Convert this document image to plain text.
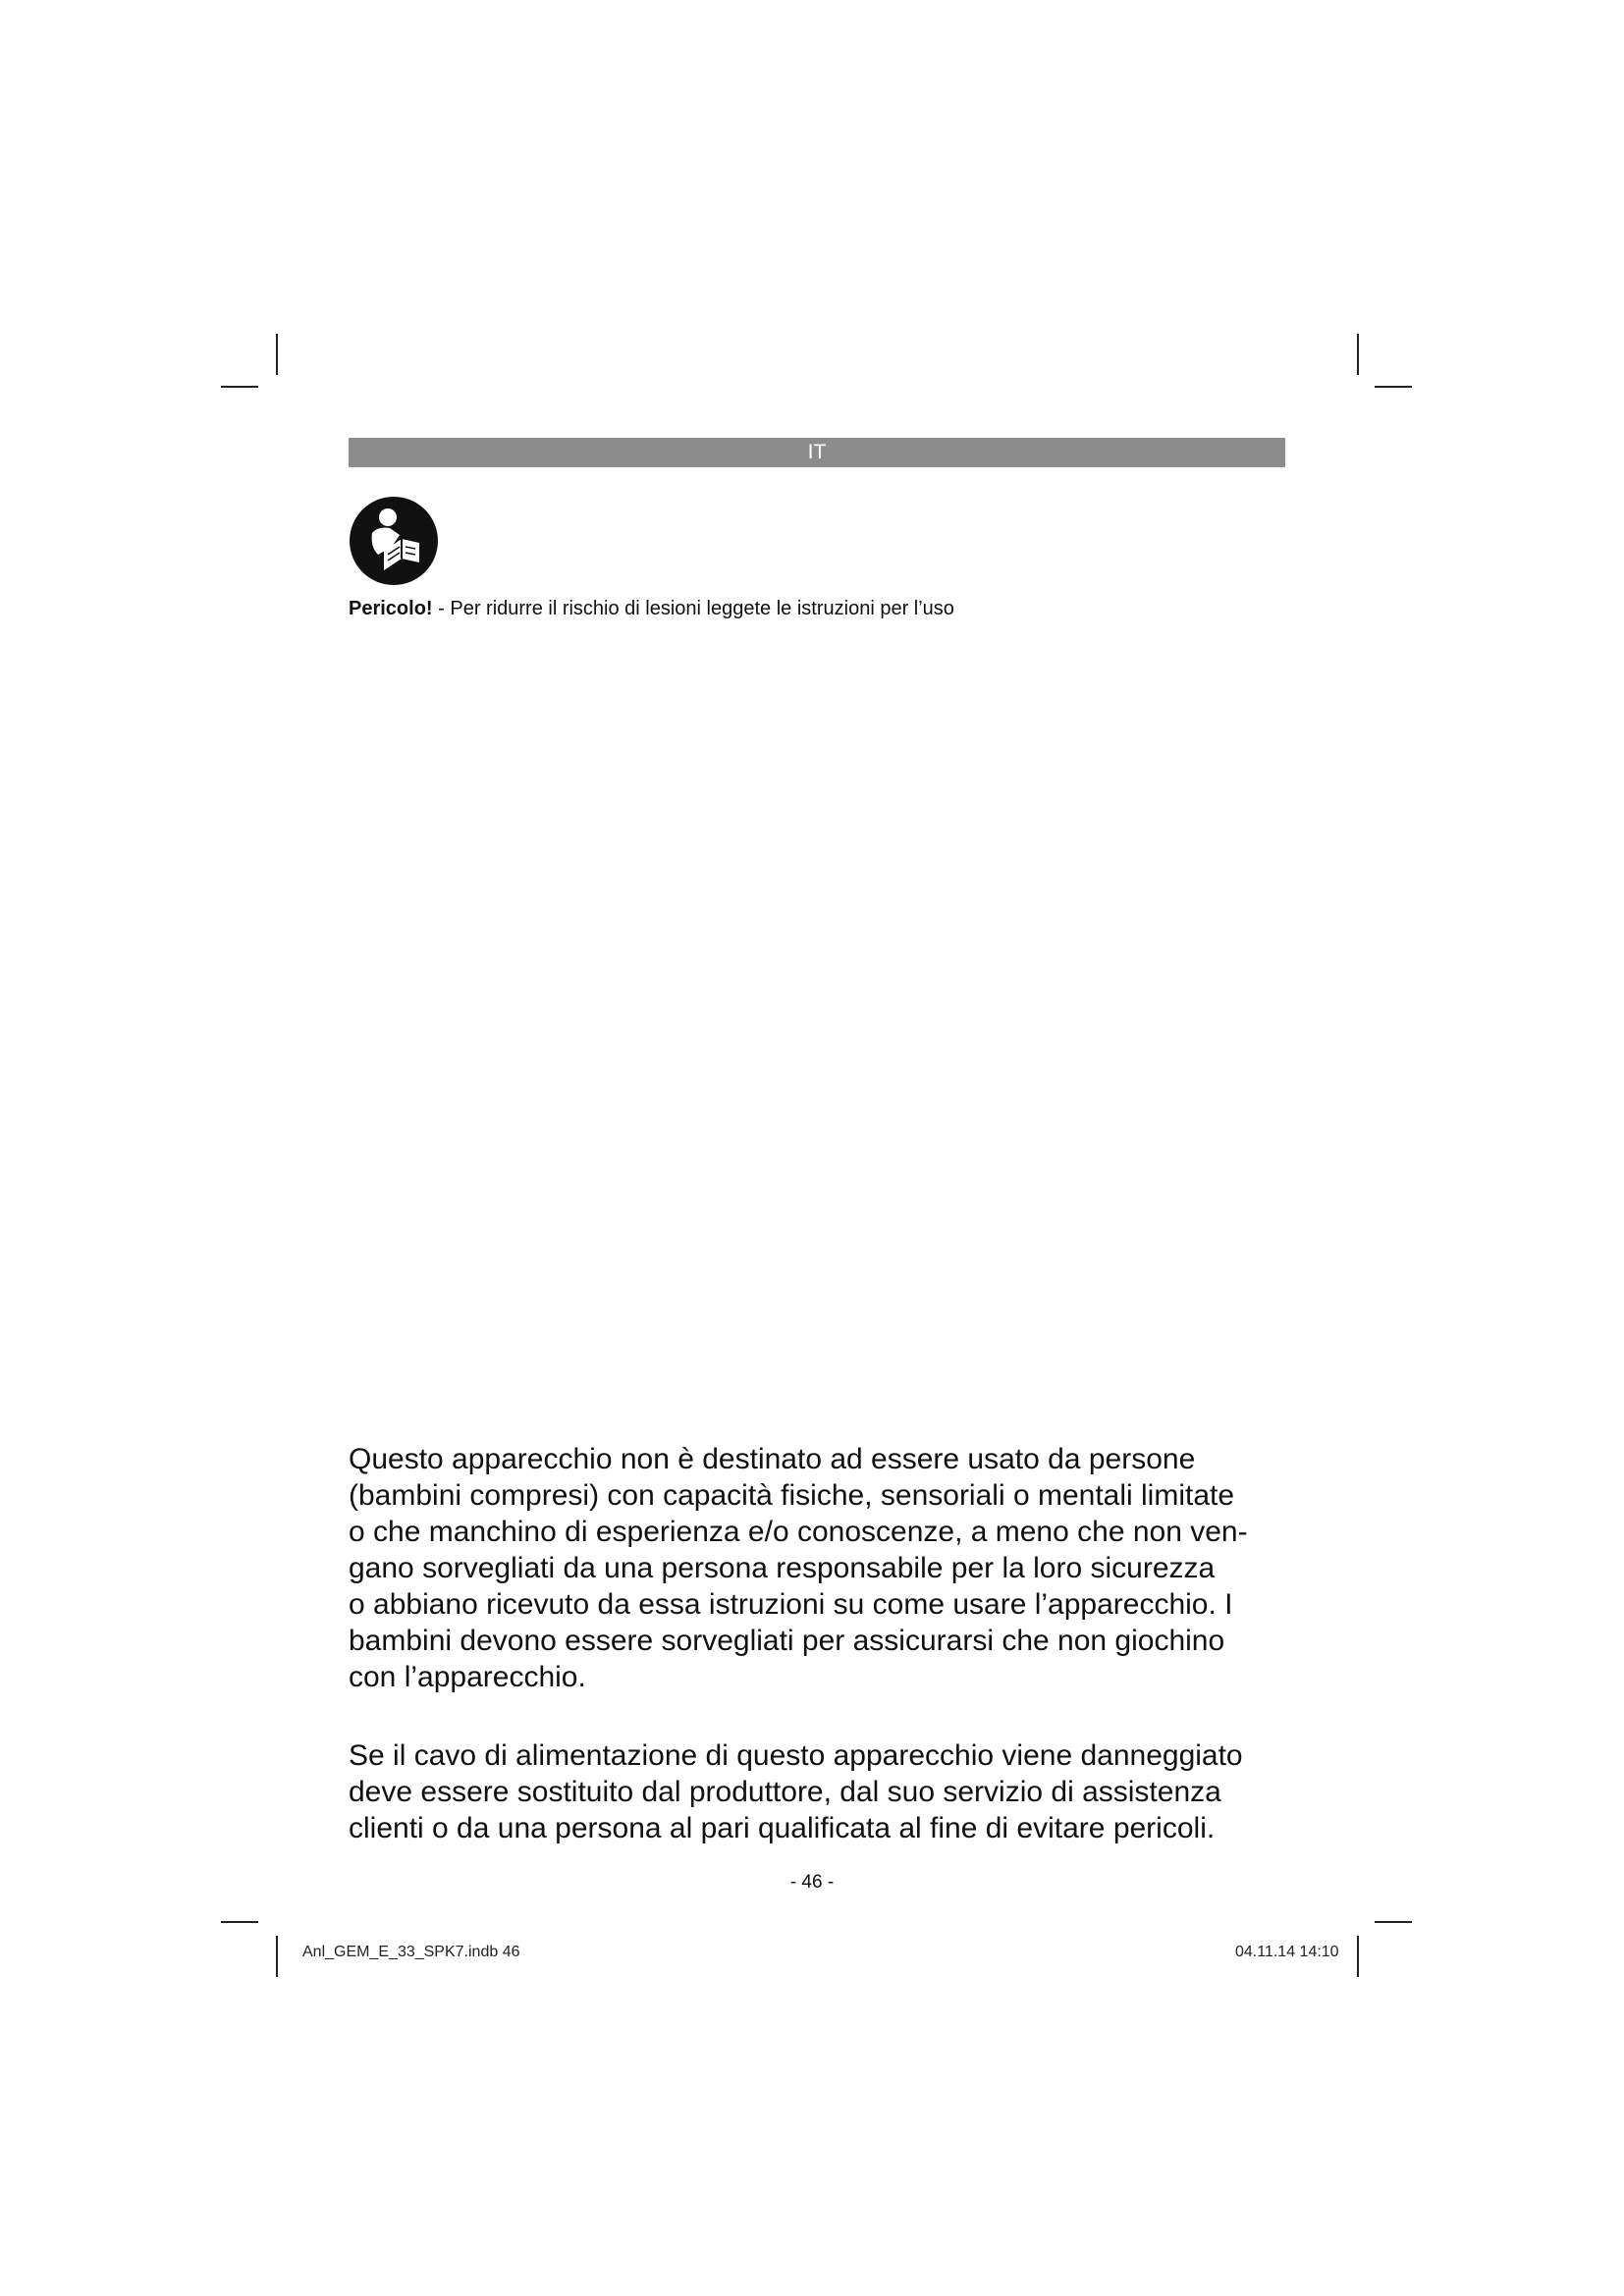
IT
Pericolo! - Per ridurre il rischio di lesioni leggete le istruzioni per l’uso

Questo apparecchio non è destinato ad essere usato da persone
(bambini compresi) con capacità fisiche, sensoriali o mentali limitate
o che manchino di esperienza e/o conoscenze, a meno che non ven-
gano sorvegliati da una persona responsabile per la loro sicurezza
o abbiano ricevuto da essa istruzioni su come usare l’apparecchio. I
bambini devono essere sorvegliati per assicurarsi che non giochino
con l’apparecchio.

Se il cavo di alimentazione di questo apparecchio viene danneggiato
deve essere sostituito dal produttore, dal suo servizio di assistenza
clienti o da una persona al pari qualificata al fine di evitare pericoli.

- 46 -
Anl_GEM_E_33_SPK7.indb 46	04.11.14 14:10
